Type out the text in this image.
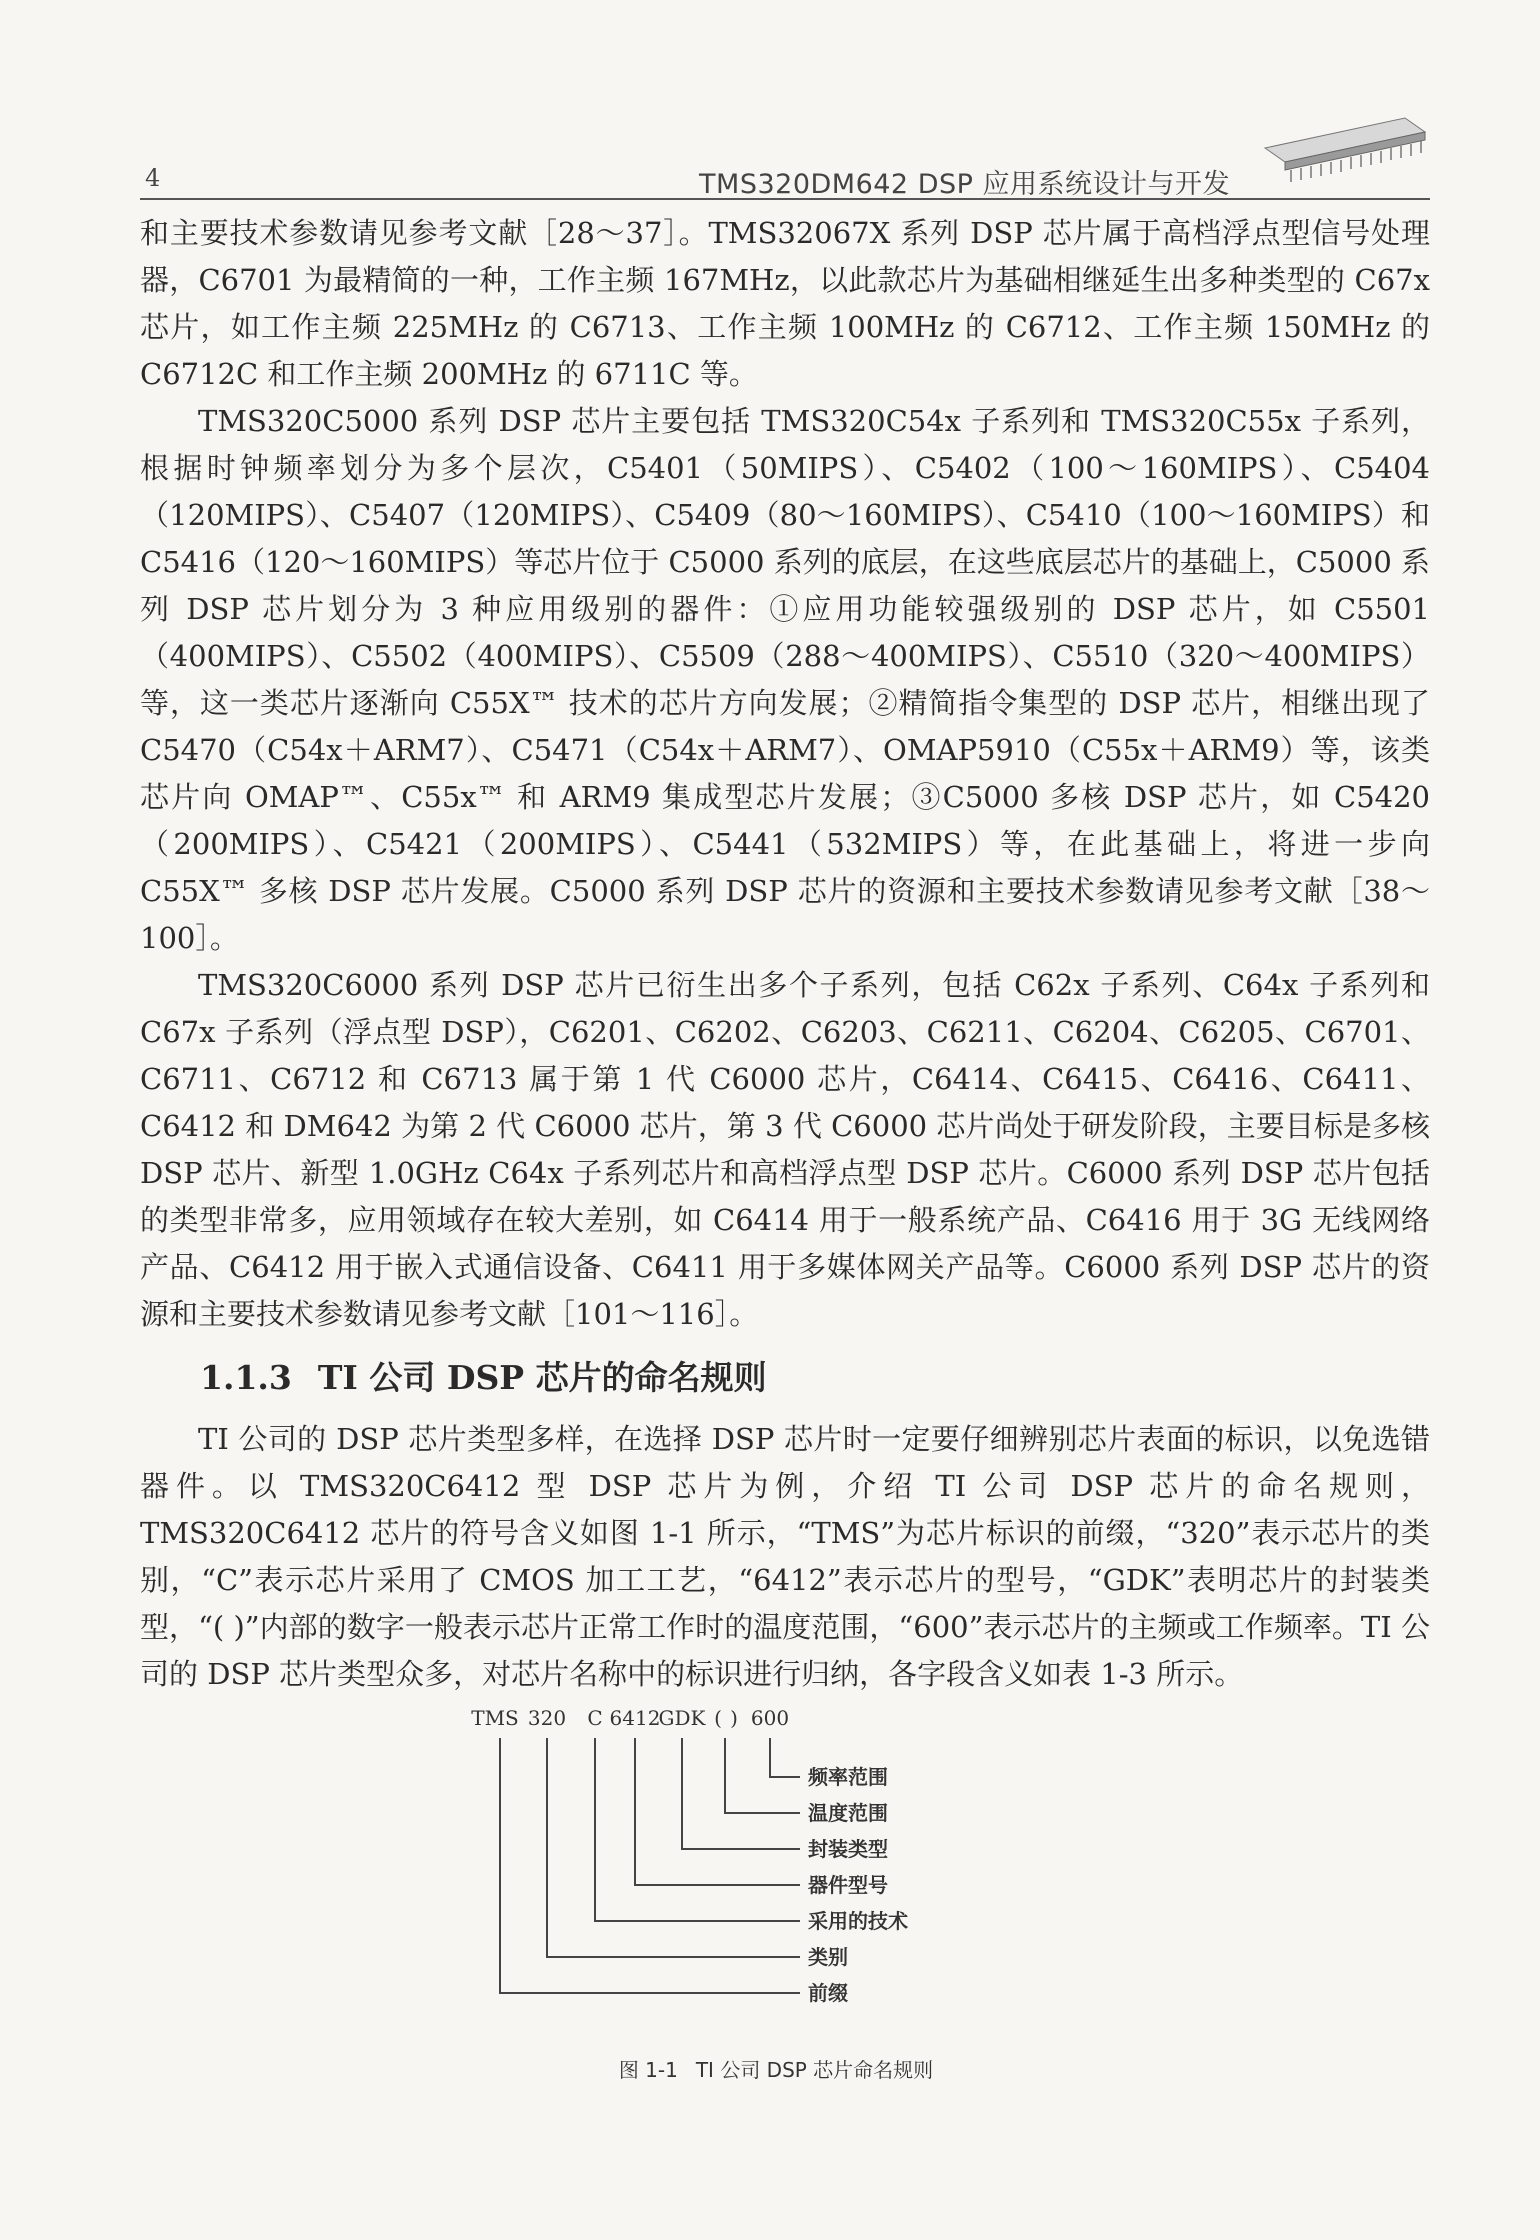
4	TMS320DM642 DSP 应用系统设计与开发

和主要技术参数请见参考文献［28～37］。TMS32067X 系列 DSP 芯片属于高档浮点型信号处理器，C6701 为最精简的一种，工作主频 167MHz，以此款芯片为基础相继延生出多种类型的 C67x 芯片，如工作主频 225MHz 的 C6713、工作主频 100MHz 的 C6712、工作主频 150MHz 的 C6712C 和工作主频 200MHz 的 6711C 等。

TMS320C5000 系列 DSP 芯片主要包括 TMS320C54x 子系列和 TMS320C55x 子系列，根据时钟频率划分为多个层次，C5401（50MIPS）、C5402（100～160MIPS）、C5404（120MIPS）、C5407（120MIPS）、C5409（80～160MIPS）、C5410（100～160MIPS）和 C5416（120～160MIPS）等芯片位于 C5000 系列的底层，在这些底层芯片的基础上，C5000 系列 DSP 芯片划分为 3 种应用级别的器件：①应用功能较强级别的 DSP 芯片，如 C5501（400MIPS）、C5502（400MIPS）、C5509（288～400MIPS）、C5510（320～400MIPS）等，这一类芯片逐渐向 C55X™ 技术的芯片方向发展；②精简指令集型的 DSP 芯片，相继出现了 C5470（C54x＋ARM7）、C5471（C54x＋ARM7）、OMAP5910（C55x＋ARM9）等，该类芯片向 OMAP™、C55x™ 和 ARM9 集成型芯片发展；③C5000 多核 DSP 芯片，如 C5420（200MIPS）、C5421（200MIPS）、C5441（532MIPS）等，在此基础上，将进一步向 C55X™ 多核 DSP 芯片发展。C5000 系列 DSP 芯片的资源和主要技术参数请见参考文献［38～100］。

TMS320C6000 系列 DSP 芯片已衍生出多个子系列，包括 C62x 子系列、C64x 子系列和 C67x 子系列（浮点型 DSP），C6201、C6202、C6203、C6211、C6204、C6205、C6701、C6711、C6712 和 C6713 属于第 1 代 C6000 芯片，C6414、C6415、C6416、C6411、C6412 和 DM642 为第 2 代 C6000 芯片，第 3 代 C6000 芯片尚处于研发阶段，主要目标是多核 DSP 芯片、新型 1.0GHz C64x 子系列芯片和高档浮点型 DSP 芯片。C6000 系列 DSP 芯片包括的类型非常多，应用领域存在较大差别，如 C6414 用于一般系统产品、C6416 用于 3G 无线网络产品、C6412 用于嵌入式通信设备、C6411 用于多媒体网关产品等。C6000 系列 DSP 芯片的资源和主要技术参数请见参考文献［101～116］。

1.1.3 TI 公司 DSP 芯片的命名规则

TI 公司的 DSP 芯片类型多样，在选择 DSP 芯片时一定要仔细辨别芯片表面的标识，以免选错器件。以 TMS320C6412 型 DSP 芯片为例，介绍 TI 公司 DSP 芯片的命名规则，TMS320C6412 芯片的符号含义如图 1-1 所示，“TMS”为芯片标识的前缀，“320”表示芯片的类别，“C”表示芯片采用了 CMOS 加工工艺，“6412”表示芯片的型号，“GDK”表明芯片的封装类型，“( )”内部的数字一般表示芯片正常工作时的温度范围，“600”表示芯片的主频或工作频率。TI 公司的 DSP 芯片类型众多，对芯片名称中的标识进行归纳，各字段含义如表 1-3 所示。

TMS 320 C 6412
GDK ( ) 600
频率范围
温度范围
封装类型
器件型号
采用的技术
类别
前缀
图 1-1 TI 公司 DSP 芯片命名规则
